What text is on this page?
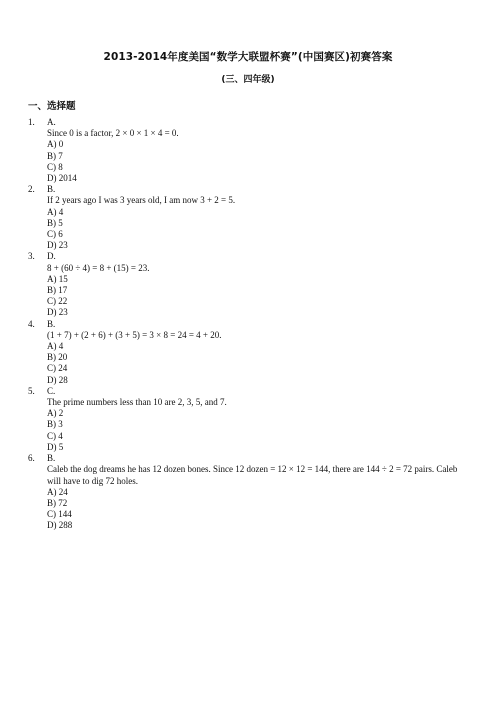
2013-2014年度美国“数学大联盟杯赛”(中国赛区)初赛答案
(三、四年级)
一、选择题
1.	A.
Since 0 is a factor, 2 × 0 × 1 × 4 = 0.
A) 0
B) 7
C) 8
D) 2014
2.	B.
If 2 years ago I was 3 years old, I am now 3 + 2 = 5.
A) 4
B) 5
C) 6
D) 23
3.	D.
8 + (60 ÷ 4) = 8 + (15) = 23.
A) 15
B) 17
C) 22
D) 23
4.	B.
(1 + 7) + (2 + 6) + (3 + 5) = 3 × 8 = 24 = 4 + 20.
A) 4
B) 20
C) 24
D) 28
5.	C.
The prime numbers less than 10 are 2, 3, 5, and 7.
A) 2
B) 3
C) 4
D) 5
6.	B.
Caleb the dog dreams he has 12 dozen bones. Since 12 dozen = 12 × 12 = 144, there are 144 ÷ 2 = 72 pairs. Caleb will have to dig 72 holes.
A) 24
B) 72
C) 144
D) 288
